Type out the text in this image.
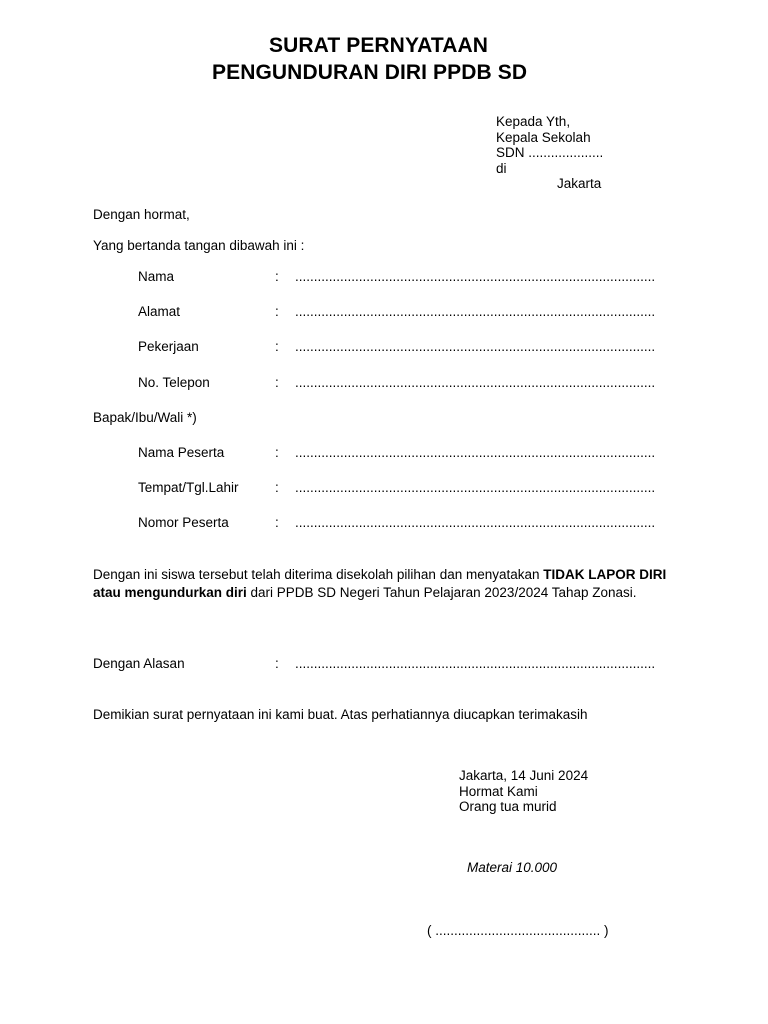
SURAT PERNYATAAN
PENGUNDURAN DIRI PPDB SD
Kepada Yth,
Kepala Sekolah
SDN ....................
di
Jakarta
Dengan hormat,
Yang bertanda tangan dibawah ini :
Nama	: ................................................................................................
Alamat	: ................................................................................................
Pekerjaan	: ................................................................................................
No. Telepon	: ................................................................................................
Bapak/Ibu/Wali *)
Nama Peserta	: ................................................................................................
Tempat/Tgl.Lahir	: ................................................................................................
Nomor Peserta	: ................................................................................................
Dengan ini siswa tersebut telah diterima disekolah pilihan dan menyatakan TIDAK LAPOR DIRI atau mengundurkan diri dari PPDB SD Negeri Tahun Pelajaran 2023/2024 Tahap Zonasi.
Dengan Alasan	: ................................................................................................
Demikian surat pernyataan ini kami buat. Atas perhatiannya diucapkan terimakasih
Jakarta, 14 Juni 2024
Hormat Kami
Orang tua murid
Materai 10.000
( ............................................ )
